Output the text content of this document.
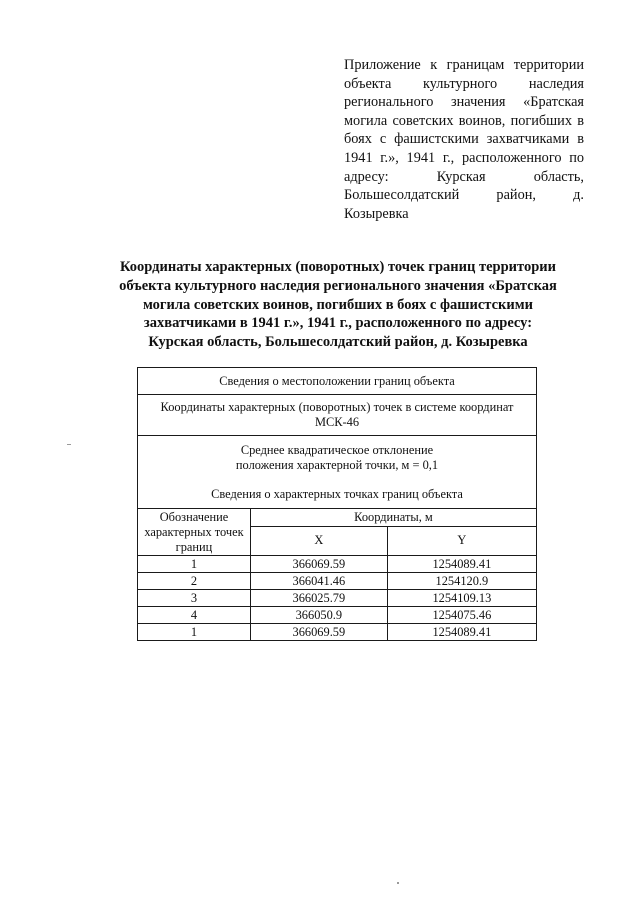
Приложение к границам территории объекта культурного наследия регионального значения «Братская могила советских воинов, погибших в боях с фашистскими захватчиками в 1941 г.», 1941 г., расположенного по адресу: Курская область, Большесолдатский район, д. Козыревка
Координаты характерных (поворотных) точек границ территории
объекта культурного наследия регионального значения «Братская
могила советских воинов, погибших в боях с фашистскими
захватчиками в 1941 г.», 1941 г., расположенного по адресу:
Курская область, Большесолдатский район, д. Козыревка
Сведения о местоположении границ объекта		
Координаты характерных (поворотных) точек в системе координат МСК-46		

Среднее квадратическое отклонение
положения характерной точки, м = 0,1
Сведения о характерных точках границ объекта		

Обозначение характерных точек границ	Координаты, м	
	X	Y
1	366069.59	1254089.41
2	366041.46	1254120.9
3	366025.79	1254109.13
4	366050.9	1254075.46
1	366069.59	1254089.41
